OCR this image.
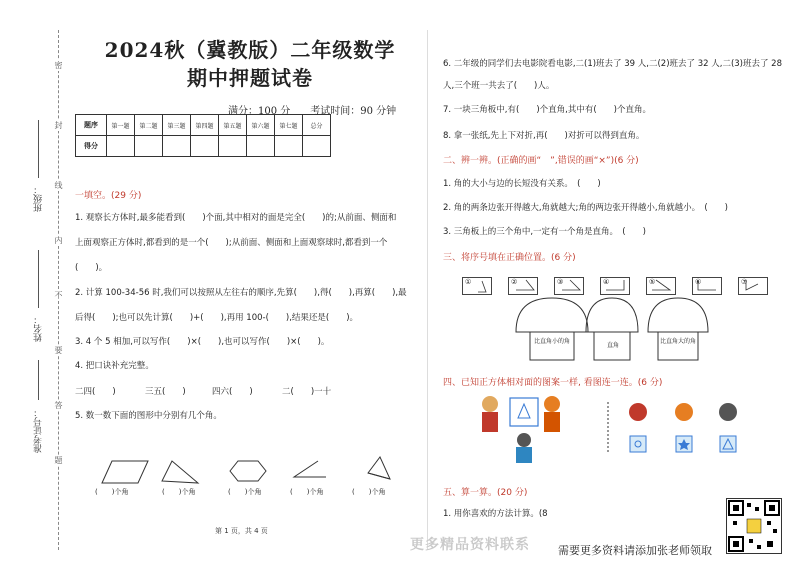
密
封
线
内
不
要
答
题
班级：
姓名：
准考证号：
2024秋（冀教版）二年级数学
期中押题试卷
满分：100 分　　考试时间：90 分钟
题序	第一题	第二题	第三题	第四题	第五题	第六题	第七题	总分
得分								
一填空。(29 分)
1. 观察长方体时,最多能看到(　　)个面,其中相对的面是完全(　　)的;从前面、侧面和
上面观察正方体时,都看到的是一个(　　);从前面、侧面和上面观察球时,都看到一个
(　　)。
2. 计算 100-34-56 时,我们可以按照从左往右的顺序,先算(　　),得(　　),再算(　　),最
后得(　　);也可以先计算(　　)+(　　),再用 100-(　　),结果还是(　　)。
3. 4 个 5 相加,可以写作(　　)×(　　),也可以写作(　　)×(　　)。
4. 把口诀补充完整。
二四(　　)	三五(　　)	四六(　　)	二(　　)一十
5. 数一数下面的图形中分别有几个角。
(　　)个角	(　　)个角	(　　)个角	(　　)个角	(　　)个角
第 1 页，共 4 页
6. 二年级的同学们去电影院看电影,二(1)班去了 39 人,二(2)班去了 32 人,二(3)班去了 28
人,三个班一共去了(　　)人。
7. 一块三角板中,有(　　)个直角,其中有(　　)个直角。
8. 拿一张纸,先上下对折,再(　　)对折可以得到直角。
二、辨一辨。(正确的画“　”,错误的画“×”)(6 分)
1. 角的大小与边的长短没有关系。　(　　)
2. 角的两条边张开得越大,角就越大;角的两边张开得越小,角就越小。　(　　)
3. 三角板上的三个角中,一定有一个角是直角。　(　　)
三、将序号填在正确位置。(6 分)
①	②	③	④	⑤	⑥	⑦
比直角小的角
直角
比直角大的角
四、已知正方体相对面的图案一样, 看图连一连。(6 分)
五、算一算。(20 分)
1. 用你喜欢的方法计算。(8
更多精品资料联系	需要更多资料请添加张老师领取
